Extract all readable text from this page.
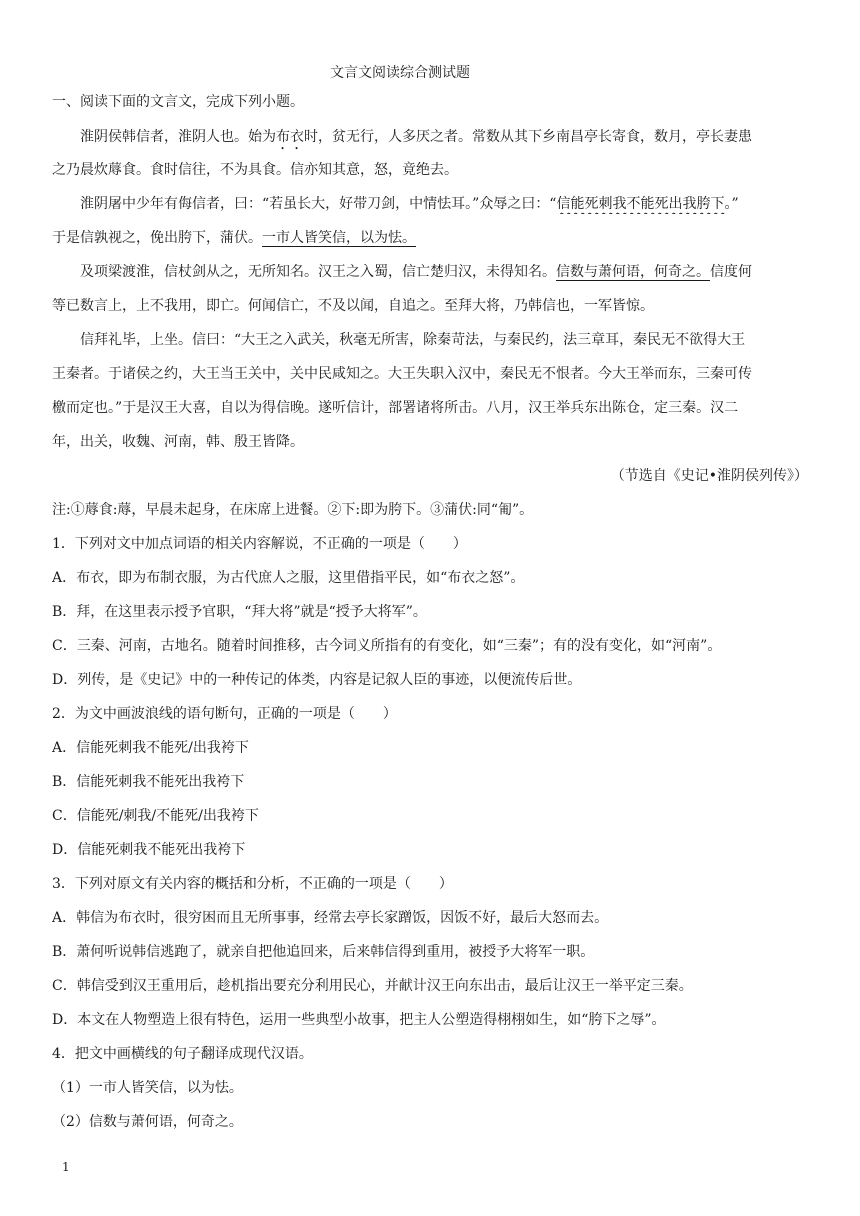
文言文阅读综合测试题
一、阅读下面的文言文，完成下列小题。
淮阴侯韩信者，淮阴人也。始为布衣时，贫无行，人多厌之者。常数从其下乡南昌亭长寄食，数月，亭长妻患
之乃晨炊蓐食。食时信往，不为具食。信亦知其意，怒，竟绝去。
淮阴屠中少年有侮信者，曰：“若虽长大，好带刀剑，中情怯耳。”众辱之曰：“信能死刺我不能死出我胯下。”
于是信孰视之，俛出胯下，蒲伏。一市人皆笑信，以为怯。
及项梁渡淮，信杖剑从之，无所知名。汉王之入蜀，信亡楚归汉，未得知名。信数与萧何语，何奇之。信度何
等已数言上，上不我用，即亡。何闻信亡，不及以闻，自追之。至拜大将，乃韩信也，一军皆惊。
信拜礼毕，上坐。信曰：“大王之入武关，秋毫无所害，除秦苛法，与秦民约，法三章耳，秦民无不欲得大王
王秦者。于诸侯之约，大王当王关中，关中民咸知之。大王失职入汉中，秦民无不恨者。今大王举而东，三秦可传
檄而定也。”于是汉王大喜，自以为得信晚。遂听信计，部署诸将所击。八月，汉王举兵东出陈仓，定三秦。汉二
年，出关，收魏、河南，韩、殷王皆降。
（节选自《史记•淮阴侯列传》）
注:①蓐食:蓐，早晨未起身，在床席上进餐。②下:即为胯下。③蒲伏:同“匍”。
1．下列对文中加点词语的相关内容解说，不正确的一项是（　　）
A．布衣，即为布制衣服，为古代庶人之服，这里借指平民，如“布衣之怒”。
B．拜，在这里表示授予官职，“拜大将”就是“授予大将军”。
C．三秦、河南，古地名。随着时间推移，古今词义所指有的有变化，如“三秦”；有的没有变化，如“河南”。
D．列传，是《史记》中的一种传记的体类，内容是记叙人臣的事迹，以便流传后世。
2．为文中画波浪线的语句断句，正确的一项是（　　）
A．信能死刺我不能死/出我袴下
B．信能死刺我不能死出我袴下
C．信能死/刺我/不能死/出我袴下
D．信能死刺我不能死出我袴下
3．下列对原文有关内容的概括和分析，不正确的一项是（　　）
A．韩信为布衣时，很穷困而且无所事事，经常去亭长家蹭饭，因饭不好，最后大怒而去。
B．萧何听说韩信逃跑了，就亲自把他追回来，后来韩信得到重用，被授予大将军一职。
C．韩信受到汉王重用后，趁机指出要充分利用民心，并献计汉王向东出击，最后让汉王一举平定三秦。
D．本文在人物塑造上很有特色，运用一些典型小故事，把主人公塑造得栩栩如生，如“胯下之辱”。
4．把文中画横线的句子翻译成现代汉语。
（1）一市人皆笑信，以为怯。
（2）信数与萧何语，何奇之。
1
